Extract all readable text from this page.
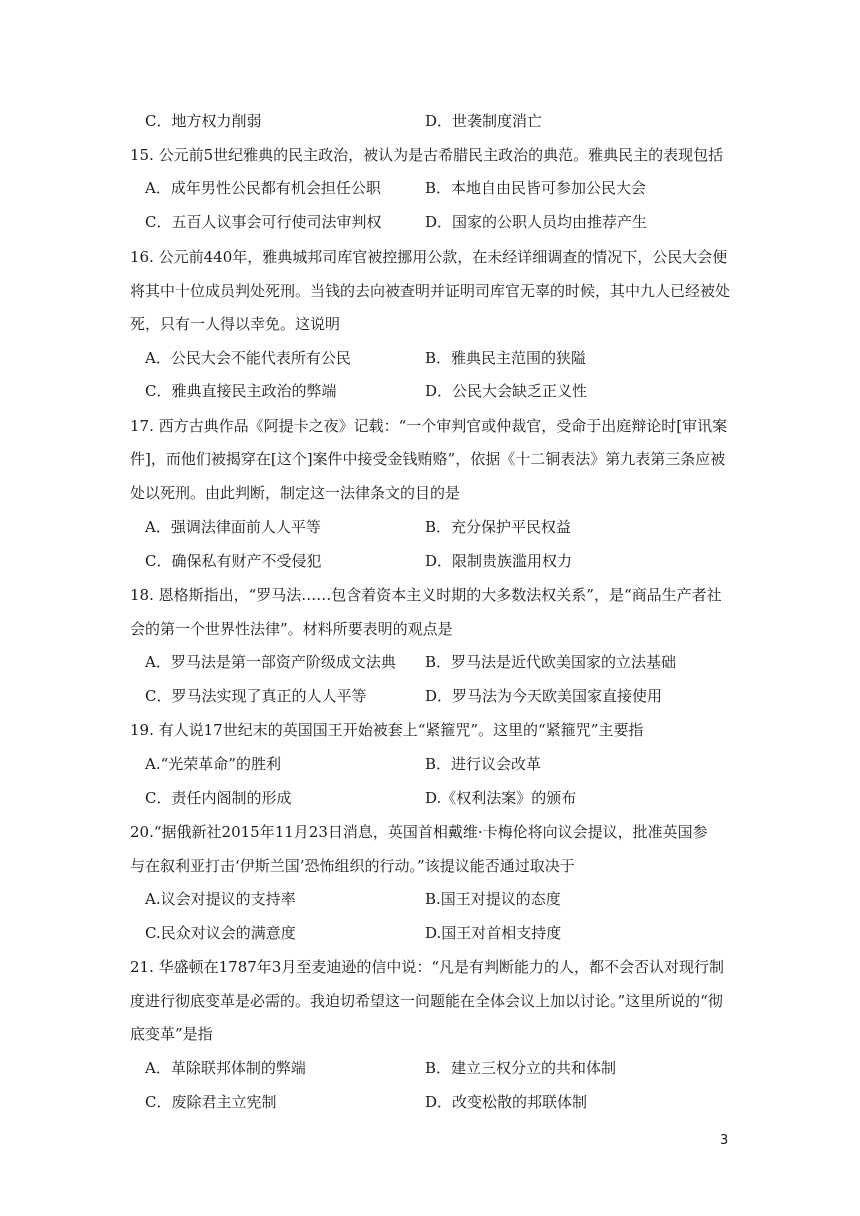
C．地方权力削弱	D．世袭制度消亡
15. 公元前5世纪雅典的民主政治，被认为是古希腊民主政治的典范。雅典民主的表现包括
A．成年男性公民都有机会担任公职	B．本地自由民皆可参加公民大会
C．五百人议事会可行使司法审判权	D．国家的公职人员均由推荐产生
16. 公元前440年，雅典城邦司库官被控挪用公款，在未经详细调查的情况下，公民大会便
将其中十位成员判处死刑。当钱的去向被查明并证明司库官无辜的时候，其中九人已经被处
死，只有一人得以幸免。这说明
A．公民大会不能代表所有公民	B．雅典民主范围的狭隘
C．雅典直接民主政治的弊端	D．公民大会缺乏正义性
17. 西方古典作品《阿提卡之夜》记载：“一个审判官或仲裁官，受命于出庭辩论时[审讯案
件]，而他们被揭穿在[这个]案件中接受金钱贿赂”，依据《十二铜表法》第九表第三条应被
处以死刑。由此判断，制定这一法律条文的目的是
A．强调法律面前人人平等	B．充分保护平民权益
C．确保私有财产不受侵犯	D．限制贵族滥用权力
18. 恩格斯指出，“罗马法……包含着资本主义时期的大多数法权关系”，是“商品生产者社
会的第一个世界性法律”。材料所要表明的观点是
A．罗马法是第一部资产阶级成文法典 B．罗马法是近代欧美国家的立法基础
C．罗马法实现了真正的人人平等	D．罗马法为今天欧美国家直接使用
19. 有人说17世纪末的英国国王开始被套上“紧箍咒”。这里的“紧箍咒”主要指
A.“光荣革命”的胜利	B．进行议会改革
C．责任内阁制的形成	D.《权利法案》的颁布
20.“据俄新社2015年11月23日消息，英国首相戴维·卡梅伦将向议会提议，批准英国参
与在叙利亚打击‘伊斯兰国’恐怖组织的行动。”该提议能否通过取决于
A.议会对提议的支持率	B.国王对提议的态度
C.民众对议会的满意度	D.国王对首相支持度
21. 华盛顿在1787年3月至麦迪逊的信中说：“凡是有判断能力的人，都不会否认对现行制
度进行彻底变革是必需的。我迫切希望这一问题能在全体会议上加以讨论。”这里所说的“彻
底变革”是指
A．革除联邦体制的弊端	B．建立三权分立的共和体制
C．废除君主立宪制	D．改变松散的邦联体制
3
